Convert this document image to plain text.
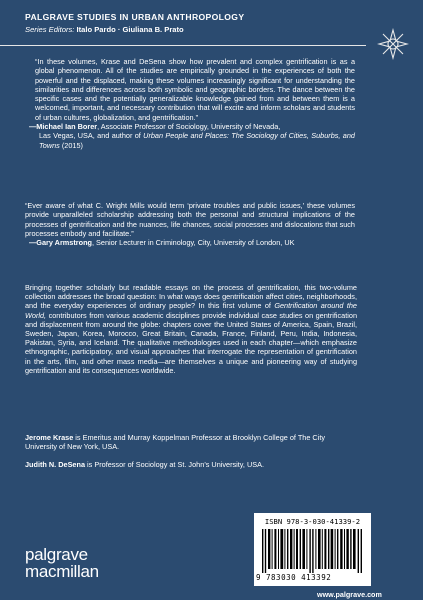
PALGRAVE STUDIES IN URBAN ANTHROPOLOGY
Series Editors: Italo Pardo · Giuliana B. Prato

“In these volumes, Krase and DeSena show how prevalent and complex gentrification is as a global phenomenon. All of the studies are empirically grounded in the experiences of both the powerful and the displaced, making these volumes increasingly significant for understanding the similarities and differences across both symbolic and geographic borders. The dance between the specific cases and the potentially generalizable knowledge gained from and between them is a welcomed, important, and necessary contribution that will excite and inform scholars and students of urban cultures, globalization, and gentrification.”

—Michael Ian Borer, Associate Professor of Sociology, University of Nevada,
Las Vegas, USA, and author of Urban People and Places: The Sociology of Cities, Suburbs, and Towns (2015)

“Ever aware of what C. Wright Mills would term ‘private troubles and public issues,’ these volumes provide unparalleled scholarship addressing both the personal and structural implications of the processes of gentrification and the nuances, life chances, social processes and dislocations that such processes embody and facilitate.”

—Gary Armstrong, Senior Lecturer in Criminology, City, University of London, UK

Bringing together scholarly but readable essays on the process of gentrification, this two-volume collection addresses the broad question: In what ways does gentrification affect cities, neighborhoods, and the everyday experiences of ordinary people? In this first volume of Gentrification around the World, contributors from various academic disciplines provide individual case studies on gentrification and displacement from around the globe: chapters cover the United States of America, Spain, Brazil, Sweden, Japan, Korea, Morocco, Great Britain, Canada, France, Finland, Peru, India, Indonesia, Pakistan, Syria, and Iceland. The qualitative methodologies used in each chapter—which emphasize ethnographic, participatory, and visual approaches that interrogate the representation of gentrification in the arts, film, and other mass media—are themselves a unique and pioneering way of studying gentrification and its consequences worldwide.

Jerome Krase is Emeritus and Murray Koppelman Professor at Brooklyn College of The City University of New York, USA.
Judith N. DeSena is Professor of Sociology at St. John’s University, USA.
ISBN 978-3-030-41339-2
9 783030 413392
palgrave
macmillan
www.palgrave.com
